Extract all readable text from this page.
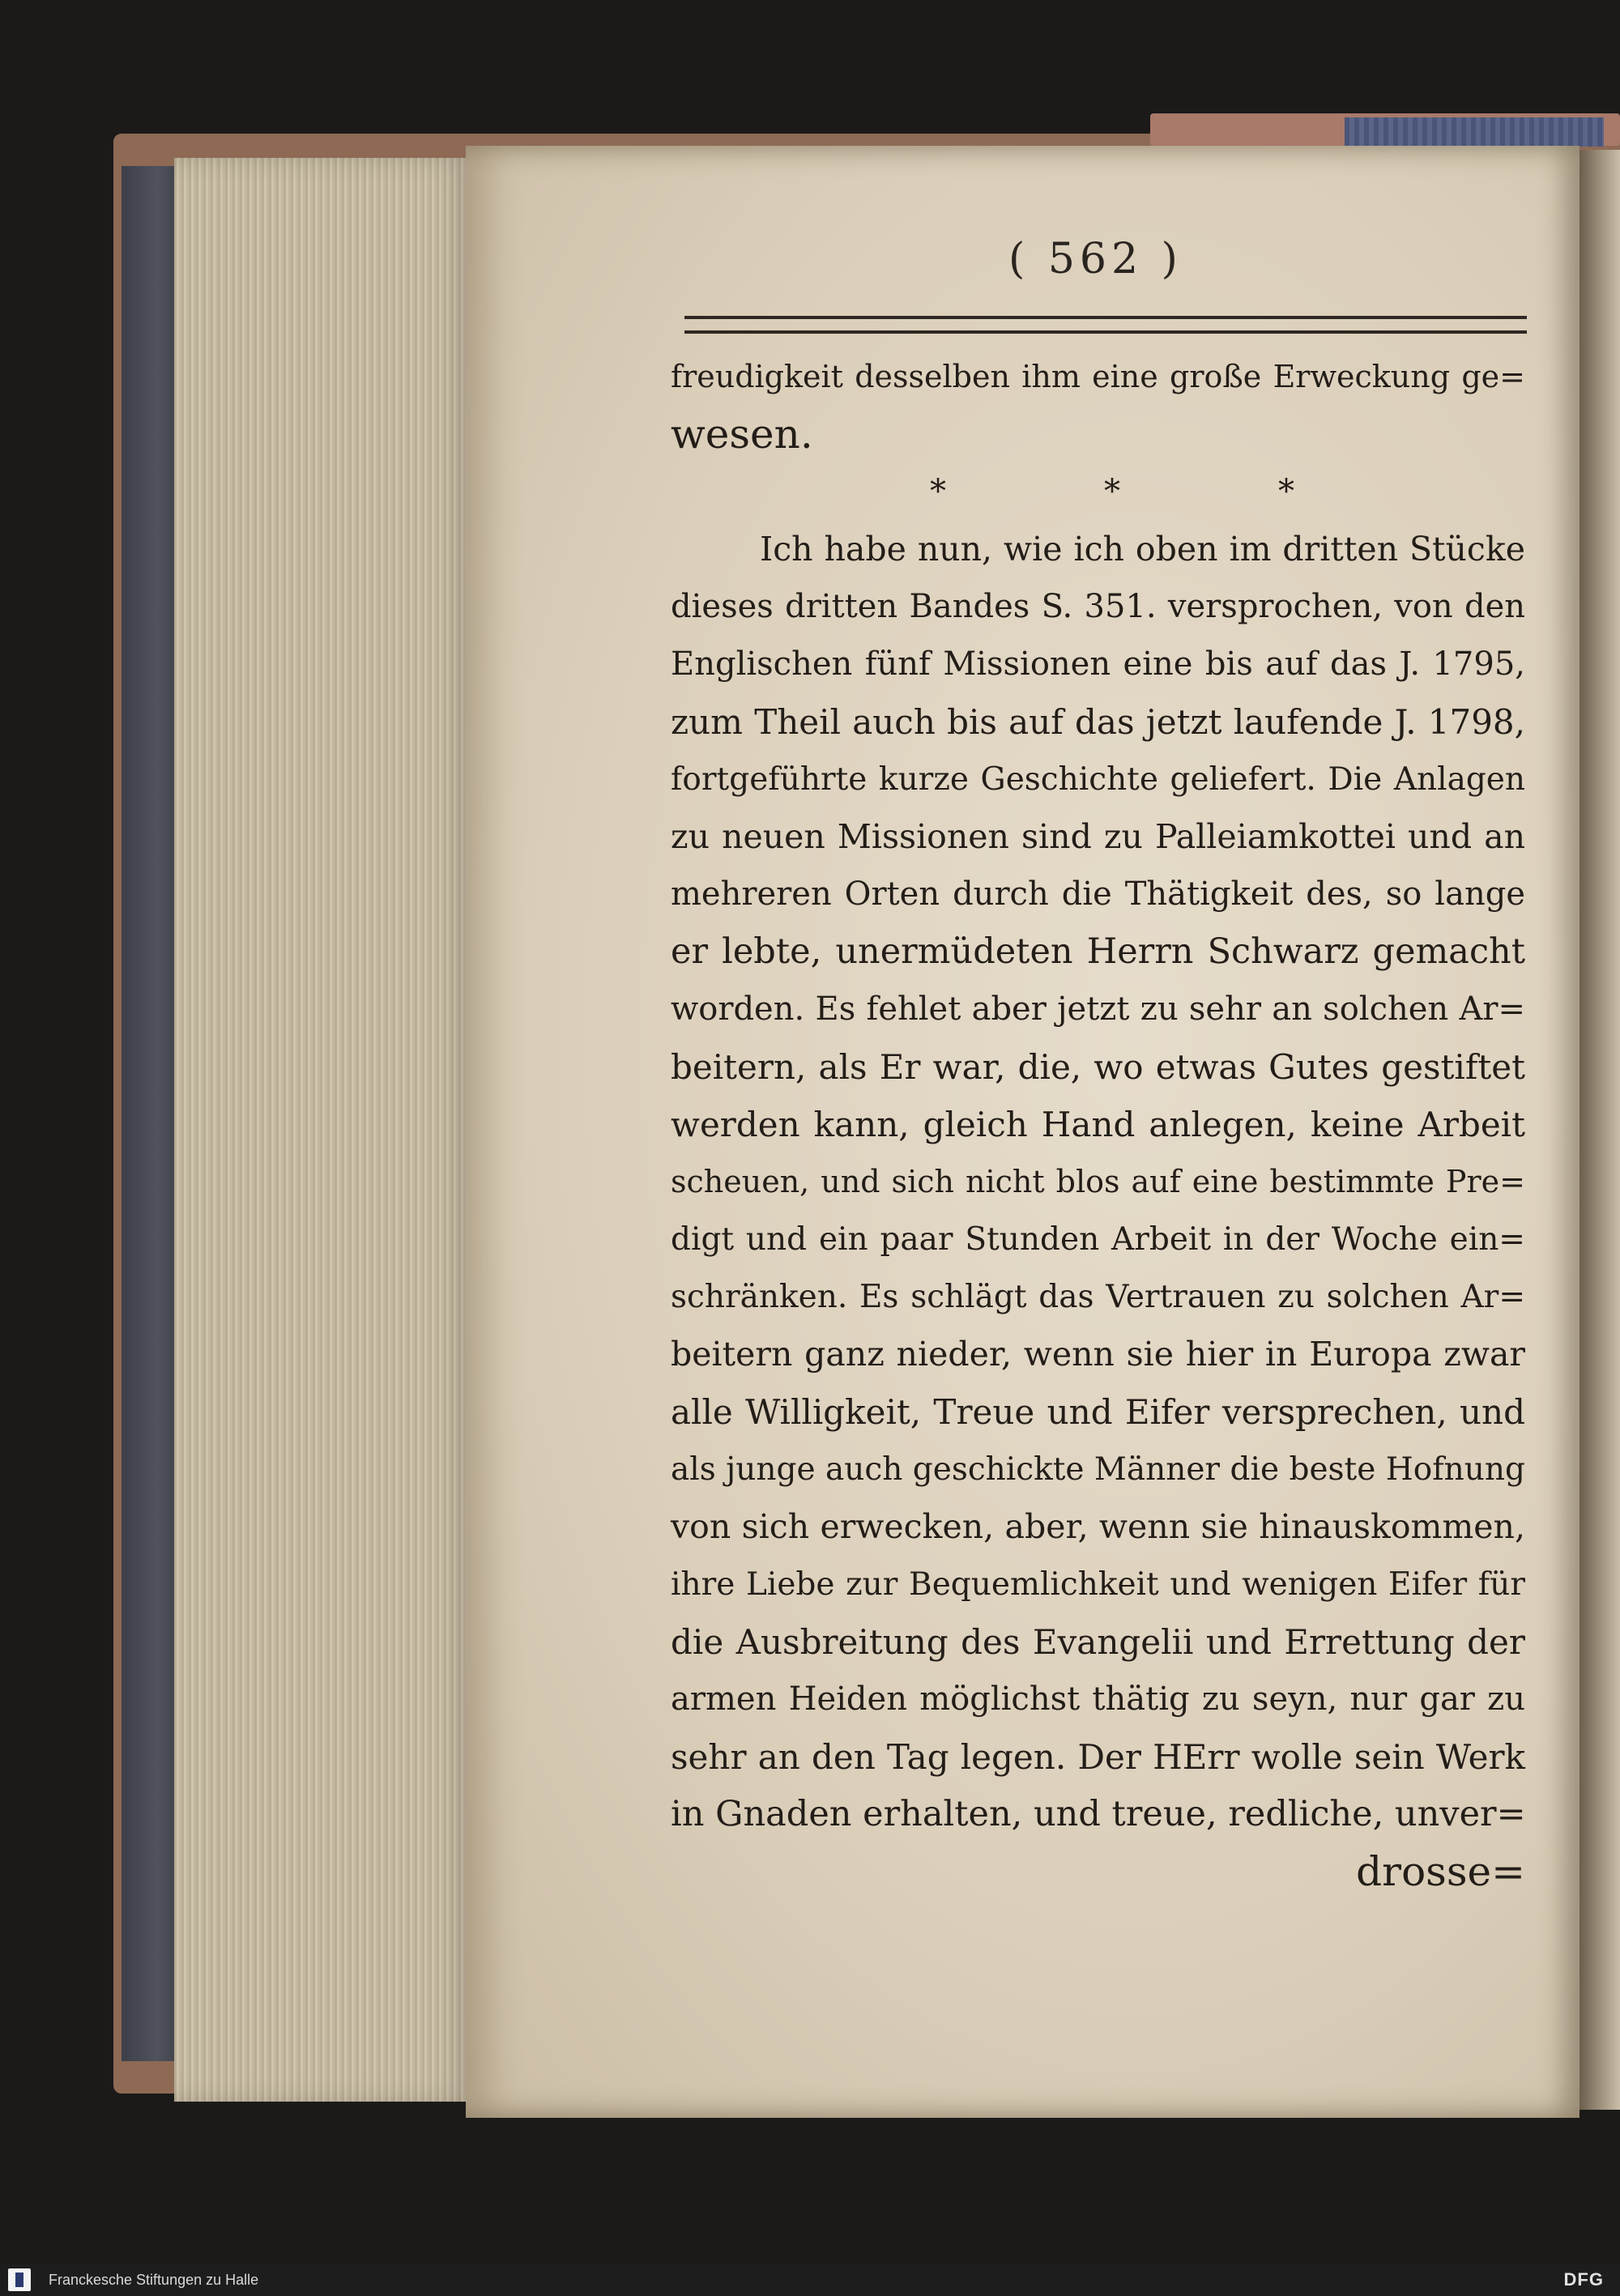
( 562 )
freudigkeit desselben ihm eine große Erweckung ge=
wesen.
*	*	*
Ich habe nun, wie ich oben im dritten Stücke
dieses dritten Bandes S. 351. versprochen, von den
Englischen fünf Missionen eine bis auf das J. 1795,
zum Theil auch bis auf das jetzt laufende J. 1798,
fortgeführte kurze Geschichte geliefert. Die Anlagen
zu neuen Missionen sind zu Palleiamkottei und an
mehreren Orten durch die Thätigkeit des, so lange
er lebte, unermüdeten Herrn Schwarz gemacht
worden. Es fehlet aber jetzt zu sehr an solchen Ar=
beitern, als Er war, die, wo etwas Gutes gestiftet
werden kann, gleich Hand anlegen, keine Arbeit
scheuen, und sich nicht blos auf eine bestimmte Pre=
digt und ein paar Stunden Arbeit in der Woche ein=
schränken. Es schlägt das Vertrauen zu solchen Ar=
beitern ganz nieder, wenn sie hier in Europa zwar
alle Willigkeit, Treue und Eifer versprechen, und
als junge auch geschickte Männer die beste Hofnung
von sich erwecken, aber, wenn sie hinauskommen,
ihre Liebe zur Bequemlichkeit und wenigen Eifer für
die Ausbreitung des Evangelii und Errettung der
armen Heiden möglichst thätig zu seyn, nur gar zu
sehr an den Tag legen. Der HErr wolle sein Werk
in Gnaden erhalten, und treue, redliche, unver=
drosse=
Franckesche Stiftungen zu Halle	DFG
